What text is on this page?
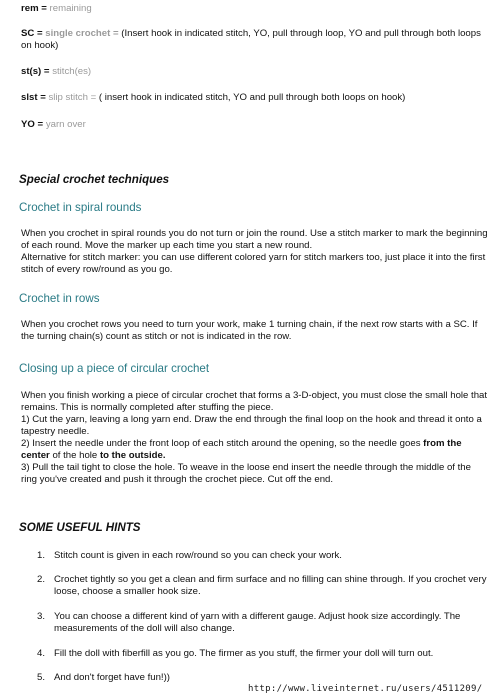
rem = remaining
SC = single crochet = (Insert hook in indicated stitch, YO, pull through loop, YO and pull through both loops on hook)
st(s) = stitch(es)
slst = slip stitch = ( insert hook in indicated stitch, YO and pull through both loops on hook)
YO = yarn over
Special crochet techniques
Crochet in spiral rounds
When you crochet in spiral rounds you do not turn or join the round. Use a stitch marker to mark the beginning of each round. Move the marker up each time you start a new round.
Alternative for stitch marker: you can use different colored yarn for stitch markers too, just place it into the first stitch of every row/round as you go.
Crochet in rows
When you crochet rows you need to turn your work, make 1 turning chain, if the next row starts with a SC. If the turning chain(s) count as stitch or not is indicated in the row.
Closing up a piece of circular crochet
When you finish working a piece of circular crochet that forms a 3-D-object, you must close the small hole that remains. This is normally completed after stuffing the piece.
1) Cut the yarn, leaving a long yarn end. Draw the end through the final loop on the hook and thread it onto a tapestry needle.
2) Insert the needle under the front loop of each stitch around the opening, so the needle goes from the center of the hole to the outside.
3) Pull the tail tight to close the hole. To weave in the loose end insert the needle through the middle of the ring you've created and push it through the crochet piece. Cut off the end.
SOME USEFUL HINTS
1. Stitch count is given in each row/round so you can check your work.
2. Crochet tightly so you get a clean and firm surface and no filling can shine through. If you crochet very loose, choose a smaller hook size.
3. You can choose a different kind of yarn with a different gauge. Adjust hook size accordingly. The measurements of the doll will also change.
4. Fill the doll with fiberfill as you go. The firmer as you stuff, the firmer your doll will turn out.
5. And don't forget have fun!))
http://www.liveinternet.ru/users/4511209/
